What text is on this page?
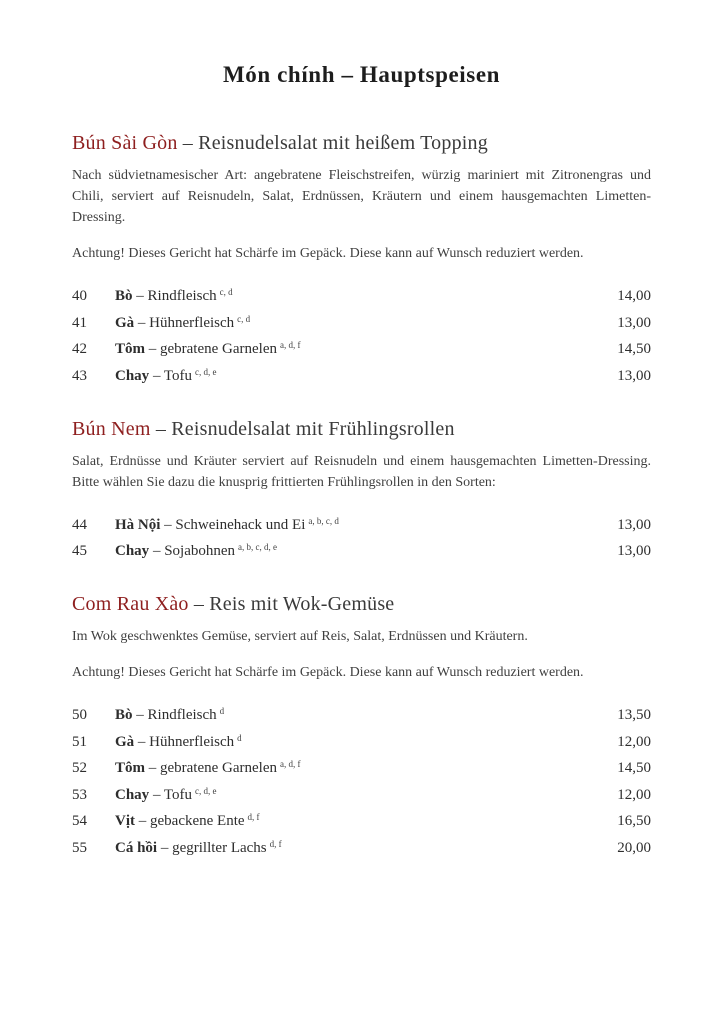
Món chính – Hauptspeisen
Bún Sài Gòn – Reisnudelsalat mit heißem Topping

Nach südvietnamesischer Art: angebratene Fleischstreifen, würzig mariniert mit Zitronengras und Chili, serviert auf Reisnudeln, Salat, Erdnüssen, Kräutern und einem hausgemachten Limetten-Dressing.

Achtung! Dieses Gericht hat Schärfe im Gepäck. Diese kann auf Wunsch reduziert werden.

40	Bò – Rindfleisch $^{c, d}$	14,00
41	Gà – Hühnerfleisch $^{c, d}$	13,00
42	Tôm – gebratene Garnelen $^{a, d, f}$	14,50
43	Chay – Tofu $^{c, d, e}$	13,00
Bún Nem – Reisnudelsalat mit Frühlingsrollen

Salat, Erdnüsse und Kräuter serviert auf Reisnudeln und einem hausgemachten Limetten-Dressing. Bitte wählen Sie dazu die knusprig frittierten Frühlingsrollen in den Sorten:

44	Hà Nội – Schweinehack und Ei $^{a, b, c, d}$	13,00
45	Chay – Sojabohnen $^{a, b, c, d, e}$	13,00
Com Rau Xào – Reis mit Wok-Gemüse

Im Wok geschwenktes Gemüse, serviert auf Reis, Salat, Erdnüssen und Kräutern.

Achtung! Dieses Gericht hat Schärfe im Gepäck. Diese kann auf Wunsch reduziert werden.

50	Bò – Rindfleisch $^d$	13,50
51	Gà – Hühnerfleisch $^d$	12,00
52	Tôm – gebratene Garnelen $^{a, d, f}$	14,50
53	Chay – Tofu $^{c, d, e}$	12,00
54	Vịt – gebackene Ente $^{d, f}$	16,50
55	Cá hồi – gegrillter Lachs $^{d, f}$	20,00
